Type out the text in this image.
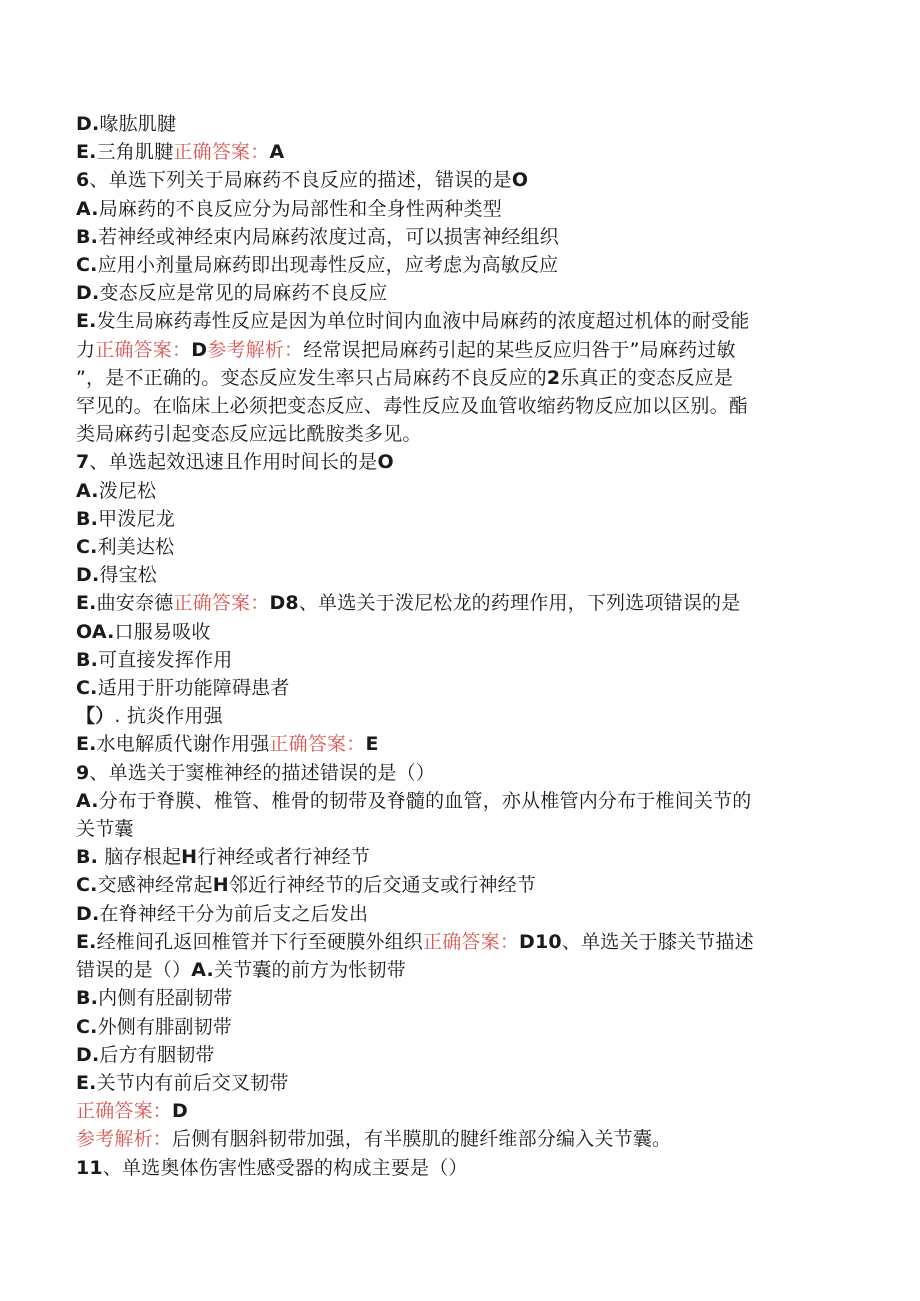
D.喙肱肌腱
E.三角肌腱正确答案：A
6、单选下列关于局麻药不良反应的描述，错误的是O
A.局麻药的不良反应分为局部性和全身性两种类型
B.若神经或神经束内局麻药浓度过高，可以损害神经组织
C.应用小剂量局麻药即出现毒性反应，应考虑为高敏反应
D.变态反应是常见的局麻药不良反应
E.发生局麻药毒性反应是因为单位时间内血液中局麻药的浓度超过机体的耐受能
力正确答案：D参考解析：经常误把局麻药引起的某些反应归咎于”局麻药过敏
”，是不正确的。变态反应发生率只占局麻药不良反应的2乐真正的变态反应是
罕见的。在临床上必须把变态反应、毒性反应及血管收缩药物反应加以区别。酯
类局麻药引起变态反应远比酰胺类多见。
7、单选起效迅速且作用时间长的是O
A.泼尼松
B.甲泼尼龙
C.利美达松
D.得宝松
E.曲安奈德正确答案：D8、单选关于泼尼松龙的药理作用，下列选项错误的是
OA.口服易吸收
B.可直接发挥作用
C.适用于肝功能障碍患者
【）. 抗炎作用强
E.水电解质代谢作用强正确答案：E
9、单选关于窦椎神经的描述错误的是（）
A.分布于脊膜、椎管、椎骨的韧带及脊髓的血管，亦从椎管内分布于椎间关节的
关节囊
B. 脑存根起H行神经或者行神经节
C.交感神经常起H邻近行神经节的后交通支或行神经节
D.在脊神经干分为前后支之后发出
E.经椎间孔返回椎管并下行至硬膜外组织正确答案：D10、单选关于膝关节描述
错误的是（）A.关节囊的前方为怅韧带
B.内侧有胫副韧带
C.外侧有腓副韧带
D.后方有胭韧带
E.关节内有前后交叉韧带
正确答案：D
参考解析：后侧有胭斜韧带加强，有半膜肌的腱纤维部分编入关节囊。
11、单选奥体伤害性感受器的构成主要是（）
